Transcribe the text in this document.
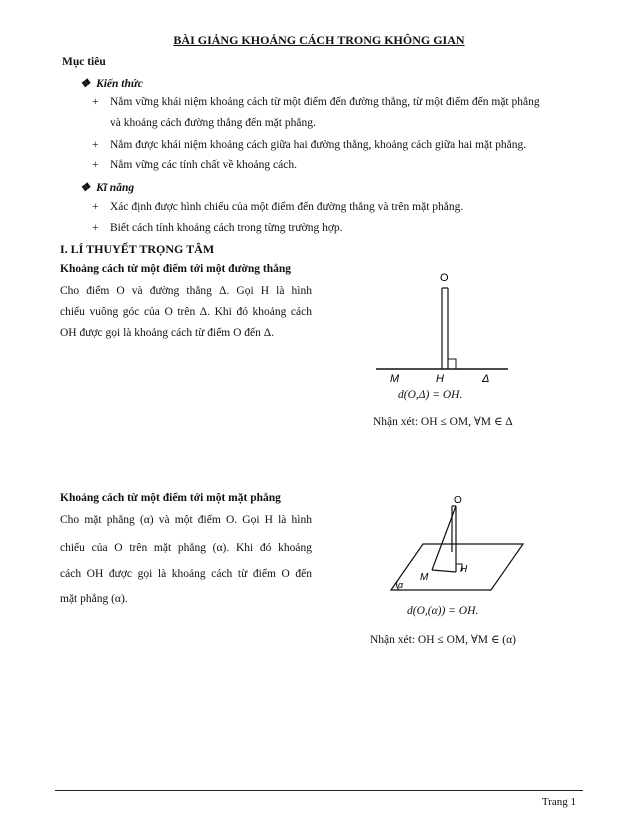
BÀI GIẢNG KHOẢNG CÁCH TRONG KHÔNG GIAN
Mục tiêu
❖ Kiến thức
+ Nắm vững khái niệm khoảng cách từ một điểm đến đường thẳng, từ một điểm đến mặt phẳng
và khoảng cách đường thẳng đến mặt phẳng.
+ Nắm được khái niệm khoảng cách giữa hai đường thẳng, khoảng cách giữa hai mặt phẳng.
+ Nắm vững các tính chất về khoảng cách.
❖ Kĩ năng
+ Xác định được hình chiếu của một điểm đến đường thẳng và trên mặt phẳng.
+ Biết cách tính khoảng cách trong từng trường hợp.
I. LÍ THUYẾT TRỌNG TÂM
Khoảng cách từ một điểm tới một đường thẳng
Cho điểm O và đường thẳng Δ. Gọi H là hình
chiếu vuông góc của O trên Δ. Khi đó khoảng cách
OH được gọi là khoảng cách từ điểm O đến Δ.
O
M	H	Δ
d(O,Δ) = OH.
Nhận xét: OH ≤ OM, ∀M ∈ Δ
Khoảng cách từ một điểm tới một mặt phẳng
Cho mặt phẳng (α) và một điểm O. Gọi H là hình
chiếu của O trên mặt phẳng (α). Khi đó khoảng
cách OH được gọi là khoảng cách từ điểm O đến
mặt phẳng (α).
O
M
H
α
d(O,(α)) = OH.
Nhận xét: OH ≤ OM, ∀M ∈ (α)
Trang 1
